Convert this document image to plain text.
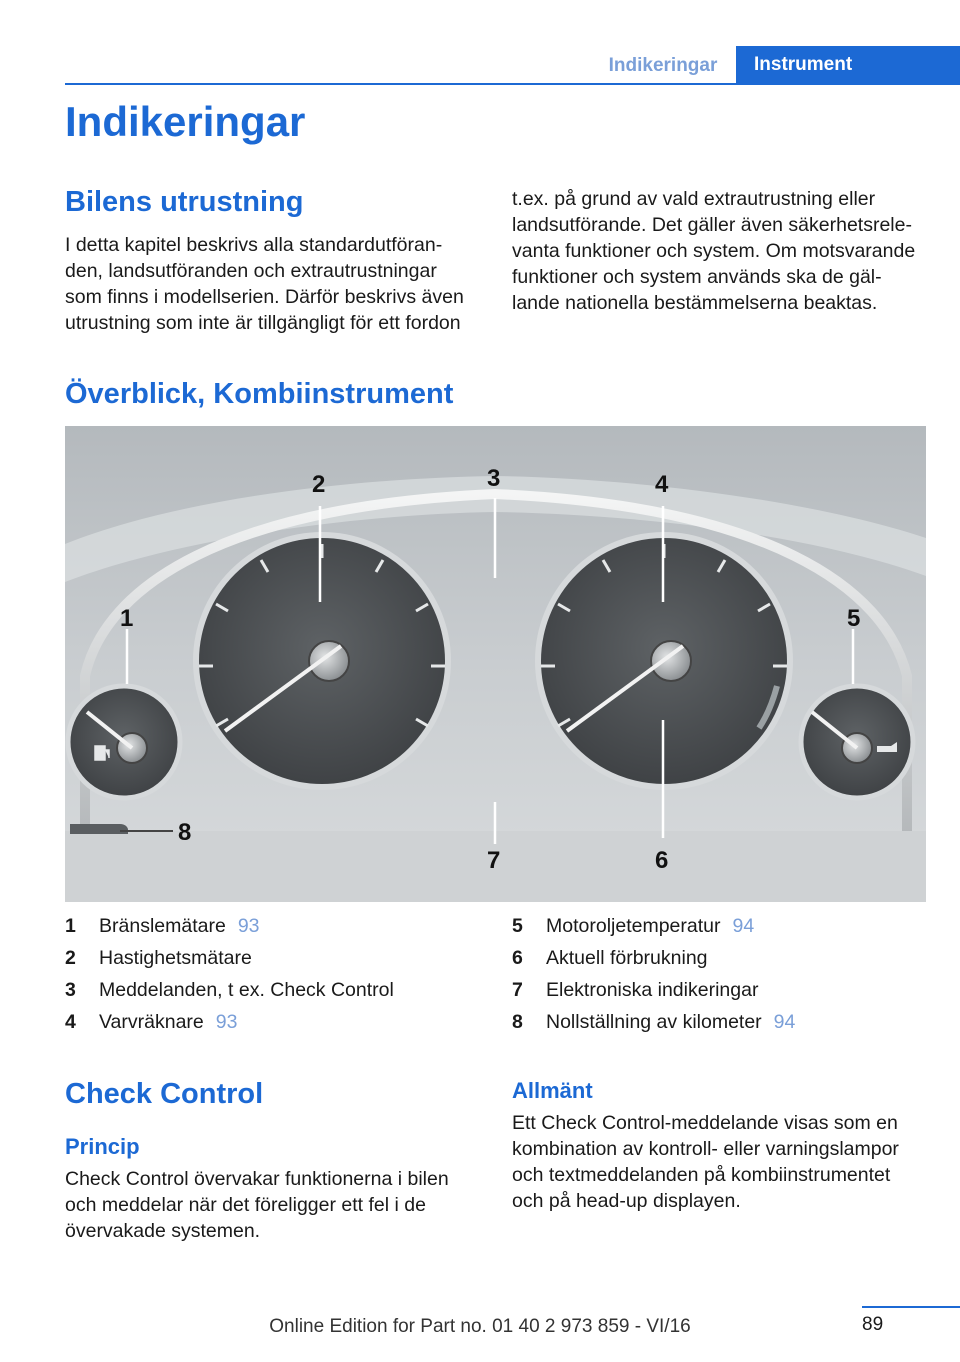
Indikeringar	Instrument
Indikeringar
Bilens utrustning
I detta kapitel beskrivs alla standardutföran-
den, landsutföranden och extrautrustningar
som finns i modellserien. Därför beskrivs även
utrustning som inte är tillgängligt för ett fordon
t.ex. på grund av vald extrautrustning eller
landsutförande. Det gäller även säkerhetsrele-
vanta funktioner och system. Om motsvarande
funktioner och system används ska de gäl-
lande nationella bestämmelserna beaktas.
Överblick, Kombiinstrument
1
2	3	4
5
6
7
8
1 Bränslemätare 93
2 Hastighetsmätare
3 Meddelanden, t ex. Check Control
4 Varvräknare 93
5 Motoroljetemperatur 94
6 Aktuell förbrukning
7 Elektroniska indikeringar
8 Nollställning av kilometer 94
Check Control
Princip
Check Control övervakar funktionerna i bilen
och meddelar när det föreligger ett fel i de
övervakade systemen.
Allmänt
Ett Check Control-meddelande visas som en
kombination av kontroll- eller varningslampor
och textmeddelanden på kombiinstrumentet
och på head-up displayen.
89
Online Edition for Part no. 01 40 2 973 859 - VI/16
